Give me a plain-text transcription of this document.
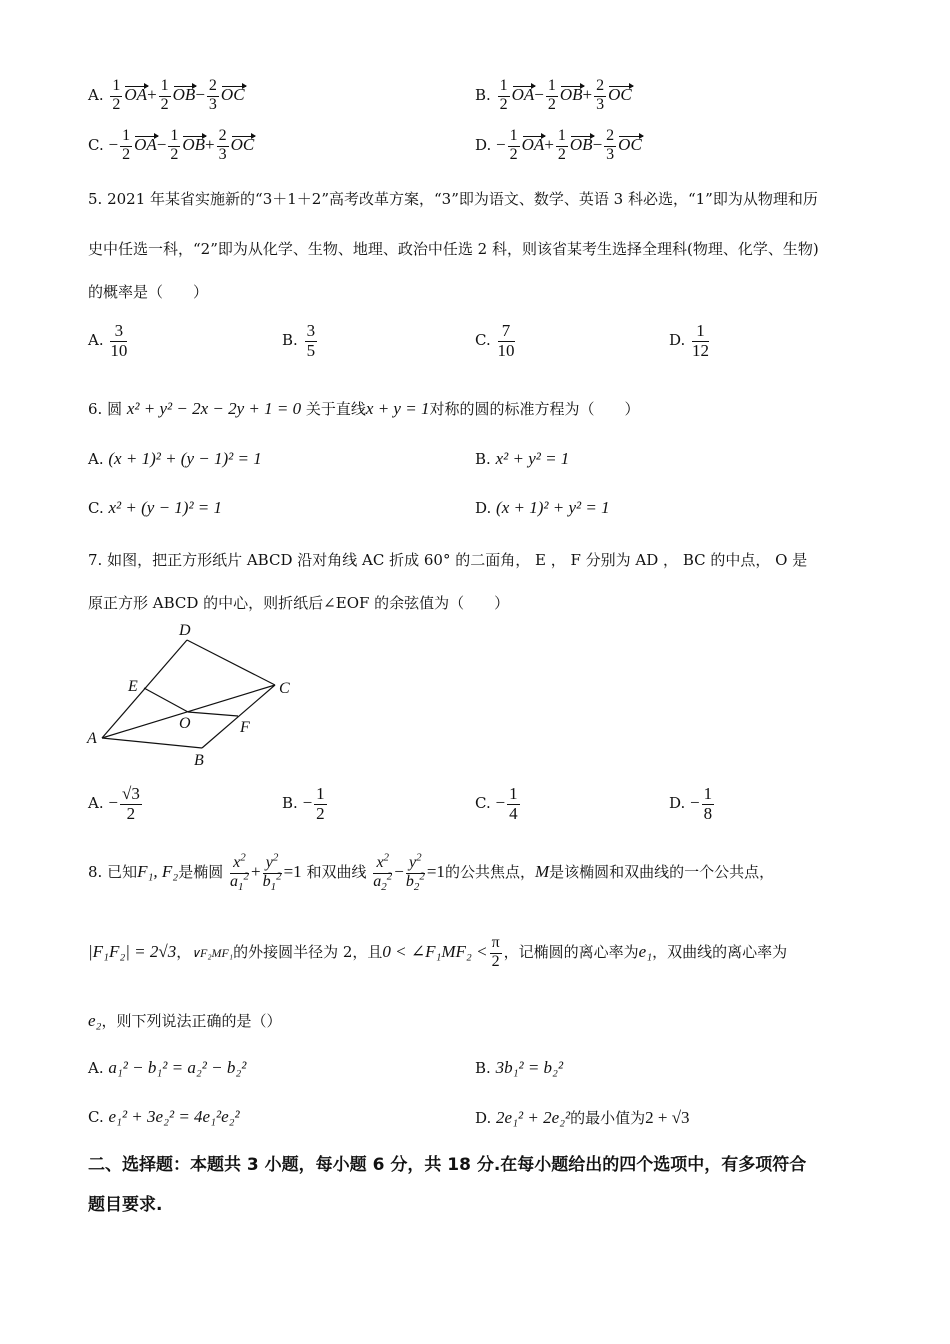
A. $\frac{1}{2} OA+ \frac{1}{2} OB- \frac{2}{3}$ OC	B. $\frac{1}{2} OA- \frac{1}{2} OB+ \frac{2}{3}$ OC
C. − $\frac{1}{2} OA- \frac{1}{2} OB+ \frac{2}{3}$ OC	D. − $\frac{1}{2} OA+ \frac{1}{2} OB- \frac{2}{3}$ OC
5. 2021 年某省实施新的“3＋1＋2”高考改革方案，“3”即为语文、数学、英语 3 科必选，“1”即为从物理和历
史中任选一科，“2”即为从化学、生物、地理、政治中任选 2 科，则该省某考生选择全理科(物理、化学、生物)
的概率是（　　）
A. $\frac{3}{10}$	B. $\frac{3}{5}$	C. $\frac{7}{10}$	D. $\frac{1}{12}$
6. 圆 x² + y² − 2x − 2y + 1 = 0 关于直线x + y = 1对称的圆的标准方程为（　　）
A. (x + 1)² + (y − 1)² = 1	B. x² + y² = 1
C. x² + (y − 1)² = 1	D. (x + 1)² + y² = 1
7. 如图，把正方形纸片 ABCD 沿对角线 AC 折成 60° 的二面角， E ， F 分别为 AD ， BC 的中点， O 是
原正方形 ABCD 的中心，则折纸后∠EOF 的余弦值为（　　）
A
B
C
D
E
F
O
A. − $\frac{√3}{2}$	B. − $\frac{1}{2}$	C. − $\frac{1}{4}$	D. − $\frac{1}{8}$
8. 已知F₁, F₂是椭圆 $\frac{x^2}{a_1^2} + \frac{y^2}{b_1^2} =1$ 和双曲线 $\frac{x^2}{a_2^2} - \frac{y^2}{b_2^2} =1$的公共焦点，M是该椭圆和双曲线的一个公共点，
|F₁F₂| = 2√3，∨F₂MF₁的外接圆半径为 2，且0 < ∠F₁MF₂ < $\frac{\pi}{2}$ ，记椭圆的离心率为e₁，双曲线的离心率为
e₂，则下列说法正确的是（）
A. a₁² − b₁² = a₂² − b₂²	B. 3b₁² = b₂²
C. e₁² + 3e₂² = 4e₁²e₂²	D. 2e₁² + 2e₂²的最小值为2 + √3
二、选择题：本题共 3 小题，每小题 6 分，共 18 分.在每小题给出的四个选项中，有多项符合
题目要求.
